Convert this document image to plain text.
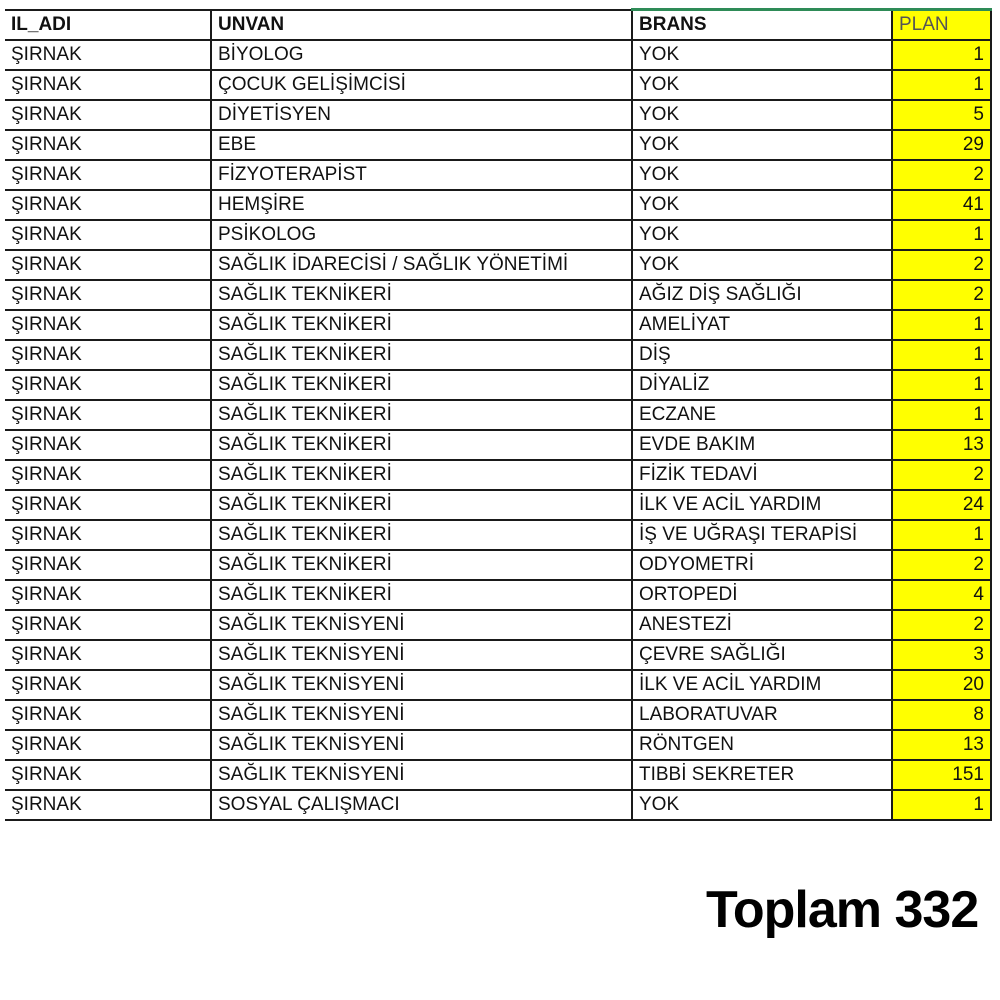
IL_ADI	UNVAN	BRANS	PLAN
ŞIRNAK	BİYOLOG	YOK	1
ŞIRNAK	ÇOCUK GELİŞİMCİSİ	YOK	1
ŞIRNAK	DİYETİSYEN	YOK	5
ŞIRNAK	EBE	YOK	29
ŞIRNAK	FİZYOTERAPİST	YOK	2
ŞIRNAK	HEMŞİRE	YOK	41
ŞIRNAK	PSİKOLOG	YOK	1
ŞIRNAK	SAĞLIK İDARECİSİ / SAĞLIK YÖNETİMİ	YOK	2
ŞIRNAK	SAĞLIK TEKNİKERİ	AĞIZ DİŞ SAĞLIĞI	2
ŞIRNAK	SAĞLIK TEKNİKERİ	AMELİYAT	1
ŞIRNAK	SAĞLIK TEKNİKERİ	DİŞ	1
ŞIRNAK	SAĞLIK TEKNİKERİ	DİYALİZ	1
ŞIRNAK	SAĞLIK TEKNİKERİ	ECZANE	1
ŞIRNAK	SAĞLIK TEKNİKERİ	EVDE BAKIM	13
ŞIRNAK	SAĞLIK TEKNİKERİ	FİZİK TEDAVİ	2
ŞIRNAK	SAĞLIK TEKNİKERİ	İLK VE ACİL YARDIM	24
ŞIRNAK	SAĞLIK TEKNİKERİ	İŞ VE UĞRAŞI TERAPİSİ	1
ŞIRNAK	SAĞLIK TEKNİKERİ	ODYOMETRİ	2
ŞIRNAK	SAĞLIK TEKNİKERİ	ORTOPEDİ	4
ŞIRNAK	SAĞLIK TEKNİSYENİ	ANESTEZİ	2
ŞIRNAK	SAĞLIK TEKNİSYENİ	ÇEVRE SAĞLIĞI	3
ŞIRNAK	SAĞLIK TEKNİSYENİ	İLK VE ACİL YARDIM	20
ŞIRNAK	SAĞLIK TEKNİSYENİ	LABORATUVAR	8
ŞIRNAK	SAĞLIK TEKNİSYENİ	RÖNTGEN	13
ŞIRNAK	SAĞLIK TEKNİSYENİ	TIBBİ SEKRETER	151
ŞIRNAK	SOSYAL ÇALIŞMACI	YOK	1
Toplam 332
